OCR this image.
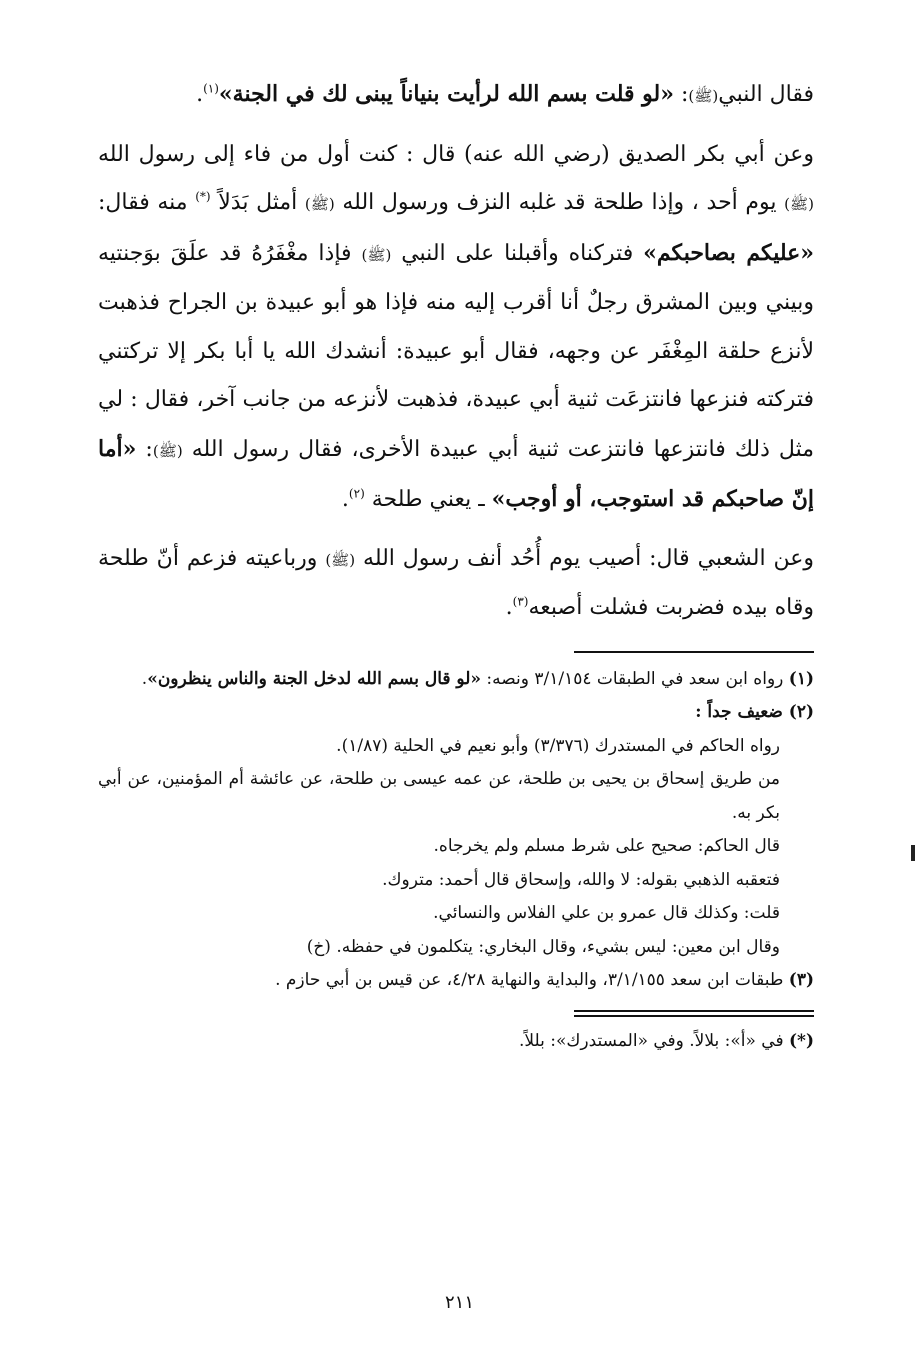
فقال النبي(ﷺ): «لو قلت بسم الله لرأيت بنياناً يبنى لك في الجنة»$^{(١)}$.

وعن أبي بكر الصديق (رضي الله عنه) قال : كنت أول من فاء إلى رسول الله (ﷺ) يوم أحد ، وإذا طلحة قد غلبه النزف ورسول الله (ﷺ) أمثل بَدَلاً (*) منه فقال: «عليكم بصاحبكم» فتركناه وأقبلنا على النبي (ﷺ) فإذا مغْفَرُهُ قد علَقَ بوَجنتيه وبيني وبين المشرق رجلٌ أنا أقرب إليه منه فإذا هو أبو عبيدة بن الجراح فذهبت لأنزع حلقة المِغْفَر عن وجهه، فقال أبو عبيدة: أنشدك الله يا أبا بكر إلا تركتني فتركته فنزعها فانتزعَت ثنية أبي عبيدة، فذهبت لأنزعه من جانب آخر، فقال : لي مثل ذلك فانتزعها فانتزعت ثنية أبي عبيدة الأخرى، فقال رسول الله (ﷺ): «أما إنّ صاحبكم قد استوجب، أو أوجب» ـ يعني طلحة $^{(٢)}$.

وعن الشعبي قال: أصيب يوم أُحُد أنف رسول الله (ﷺ) ورباعيته فزعم أنّ طلحة وقاه بيده فضربت فشلت أصبعه$^{(٣)}$.

(١) رواه ابن سعد في الطبقات ٣/١/١٥٤ ونصه: «لو قال بسم الله لدخل الجنة والناس ينظرون».

(٢) ضعيف جداً :

رواه الحاكم في المستدرك (٣/٣٧٦) وأبو نعيم في الحلية (١/٨٧).

من طريق إسحاق بن يحيى بن طلحة، عن عمه عيسى بن طلحة، عن عائشة أم المؤمنين، عن أبي بكر به.

قال الحاكم: صحيح على شرط مسلم ولم يخرجاه.

فتعقبه الذهبي بقوله: لا والله، وإسحاق قال أحمد: متروك.

قلت: وكذلك قال عمرو بن علي الفلاس والنسائي.

وقال ابن معين: ليس بشيء، وقال البخاري: يتكلمون في حفظه. (خ)

(٣) طبقات ابن سعد ٣/١/١٥٥، والبداية والنهاية ٤/٢٨، عن قيس بن أبي حازم .

(*) في «أ»: بلالاً. وفي «المستدرك»: بللاً.

٢١١
